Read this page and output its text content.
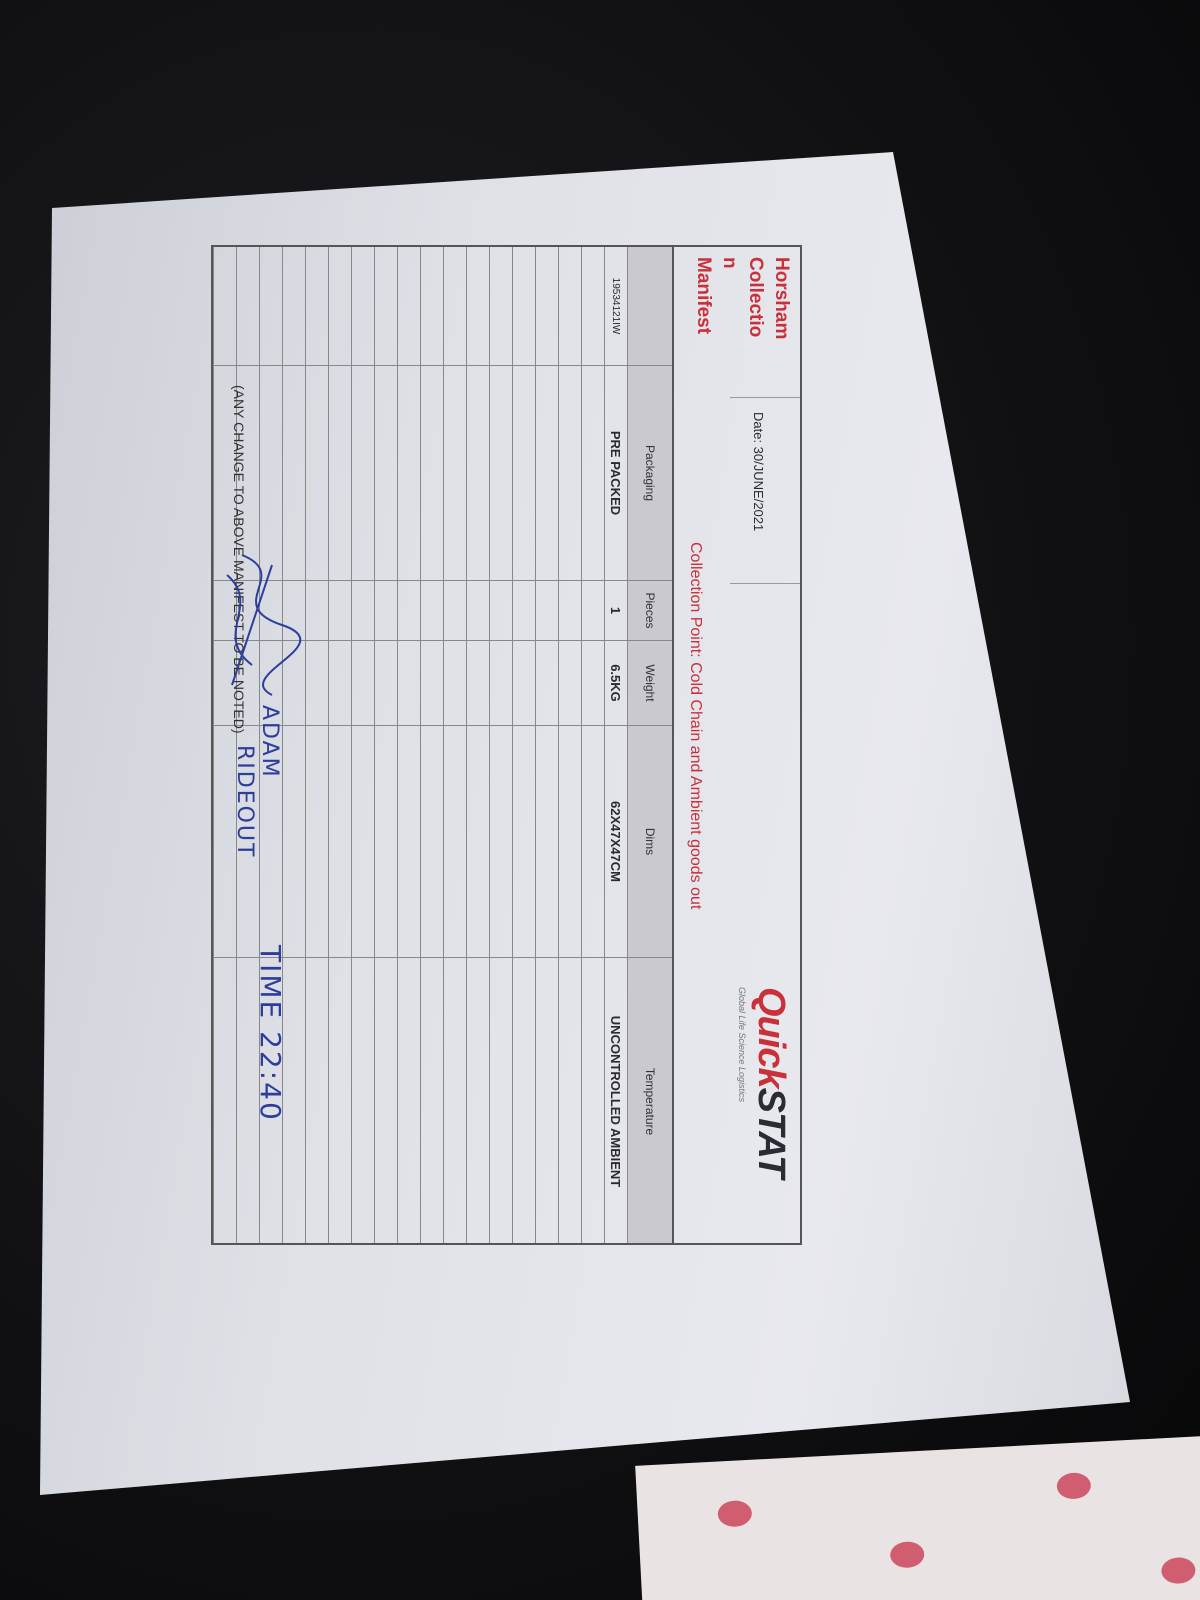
Horsham
Collectio
n
Manifest

Date: 30/JUNE/2021
QuickSTAT
Global Life Science Logistics
Collection Point: Cold Chain and Ambient goods out
Packaging
Pieces
Weight
Dims
Temperature
19534121IW
PRE PACKED
1
6.5KG
62X47X47CM
UNCONTROLLED AMBIENT
(ANY CHANGE TO ABOVE MANIFEST TO BE NOTED)
ADAM
RIDEOUT
TIME 22:40
